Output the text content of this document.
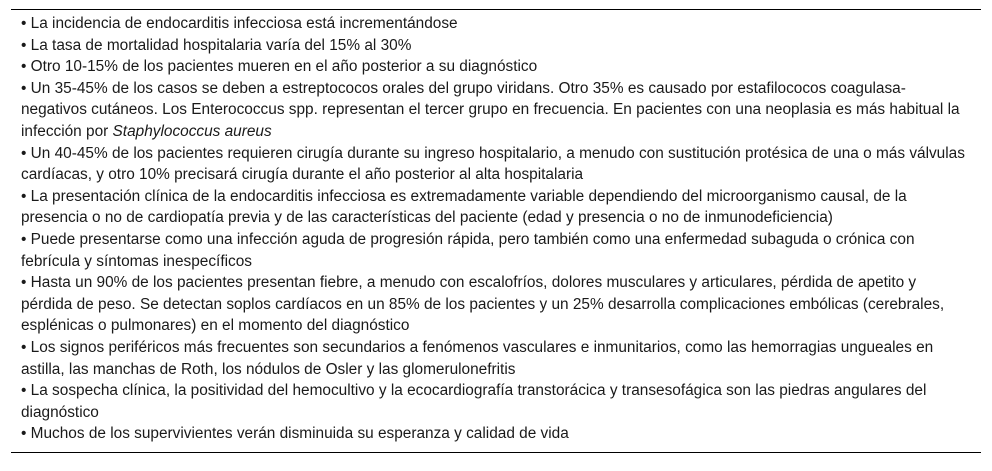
• La incidencia de endocarditis infecciosa está incrementándose
• La tasa de mortalidad hospitalaria varía del 15% al 30%
• Otro 10-15% de los pacientes mueren en el año posterior a su diagnóstico
• Un 35-45% de los casos se deben a estreptococos orales del grupo viridans. Otro 35% es causado por estafilococos coagulasa-negativos cutáneos. Los Enterococcus spp. representan el tercer grupo en frecuencia. En pacientes con una neoplasia es más habitual la infección por Staphylococcus aureus
• Un 40-45% de los pacientes requieren cirugía durante su ingreso hospitalario, a menudo con sustitución protésica de una o más válvulas cardíacas, y otro 10% precisará cirugía durante el año posterior al alta hospitalaria
• La presentación clínica de la endocarditis infecciosa es extremadamente variable dependiendo del microorganismo causal, de la presencia o no de cardiopatía previa y de las características del paciente (edad y presencia o no de inmunodeficiencia)
• Puede presentarse como una infección aguda de progresión rápida, pero también como una enfermedad subaguda o crónica con febrícula y síntomas inespecíficos
• Hasta un 90% de los pacientes presentan fiebre, a menudo con escalofríos, dolores musculares y articulares, pérdida de apetito y pérdida de peso. Se detectan soplos cardíacos en un 85% de los pacientes y un 25% desarrolla complicaciones embólicas (cerebrales, esplénicas o pulmonares) en el momento del diagnóstico
• Los signos periféricos más frecuentes son secundarios a fenómenos vasculares e inmunitarios, como las hemorragias ungueales en astilla, las manchas de Roth, los nódulos de Osler y las glomerulonefritis
• La sospecha clínica, la positividad del hemocultivo y la ecocardiografía transtorácica y transesofágica son las piedras angulares del diagnóstico
• Muchos de los supervivientes verán disminuida su esperanza y calidad de vida
